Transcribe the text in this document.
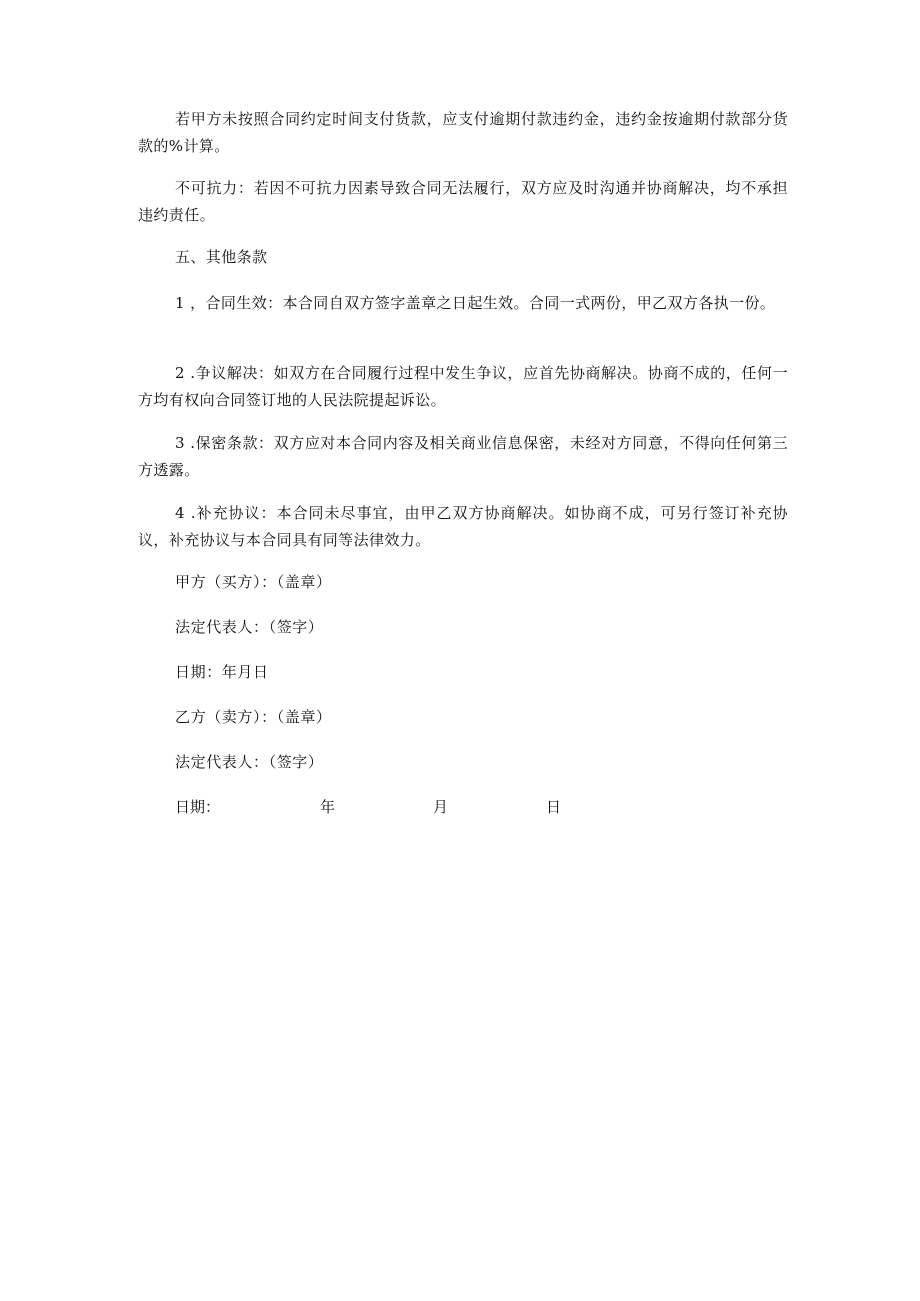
若甲方未按照合同约定时间支付货款，应支付逾期付款违约金，违约金按逾期付款部分货款的%计算。

不可抗力：若因不可抗力因素导致合同无法履行，双方应及时沟通并协商解决，均不承担违约责任。

五、其他条款

1 ，合同生效：本合同自双方签字盖章之日起生效。合同一式两份，甲乙双方各执一份。

2 .争议解决：如双方在合同履行过程中发生争议，应首先协商解决。协商不成的，任何一方均有权向合同签订地的人民法院提起诉讼。

3 .保密条款：双方应对本合同内容及相关商业信息保密，未经对方同意，不得向任何第三方透露。

4 .补充协议：本合同未尽事宜，由甲乙双方协商解决。如协商不成，可另行签订补充协议，补充协议与本合同具有同等法律效力。

甲方（买方）：（盖章）

法定代表人：（签字）

日期：年月日

乙方（卖方）：（盖章）

法定代表人：（签字）

日期：	年	月	日
